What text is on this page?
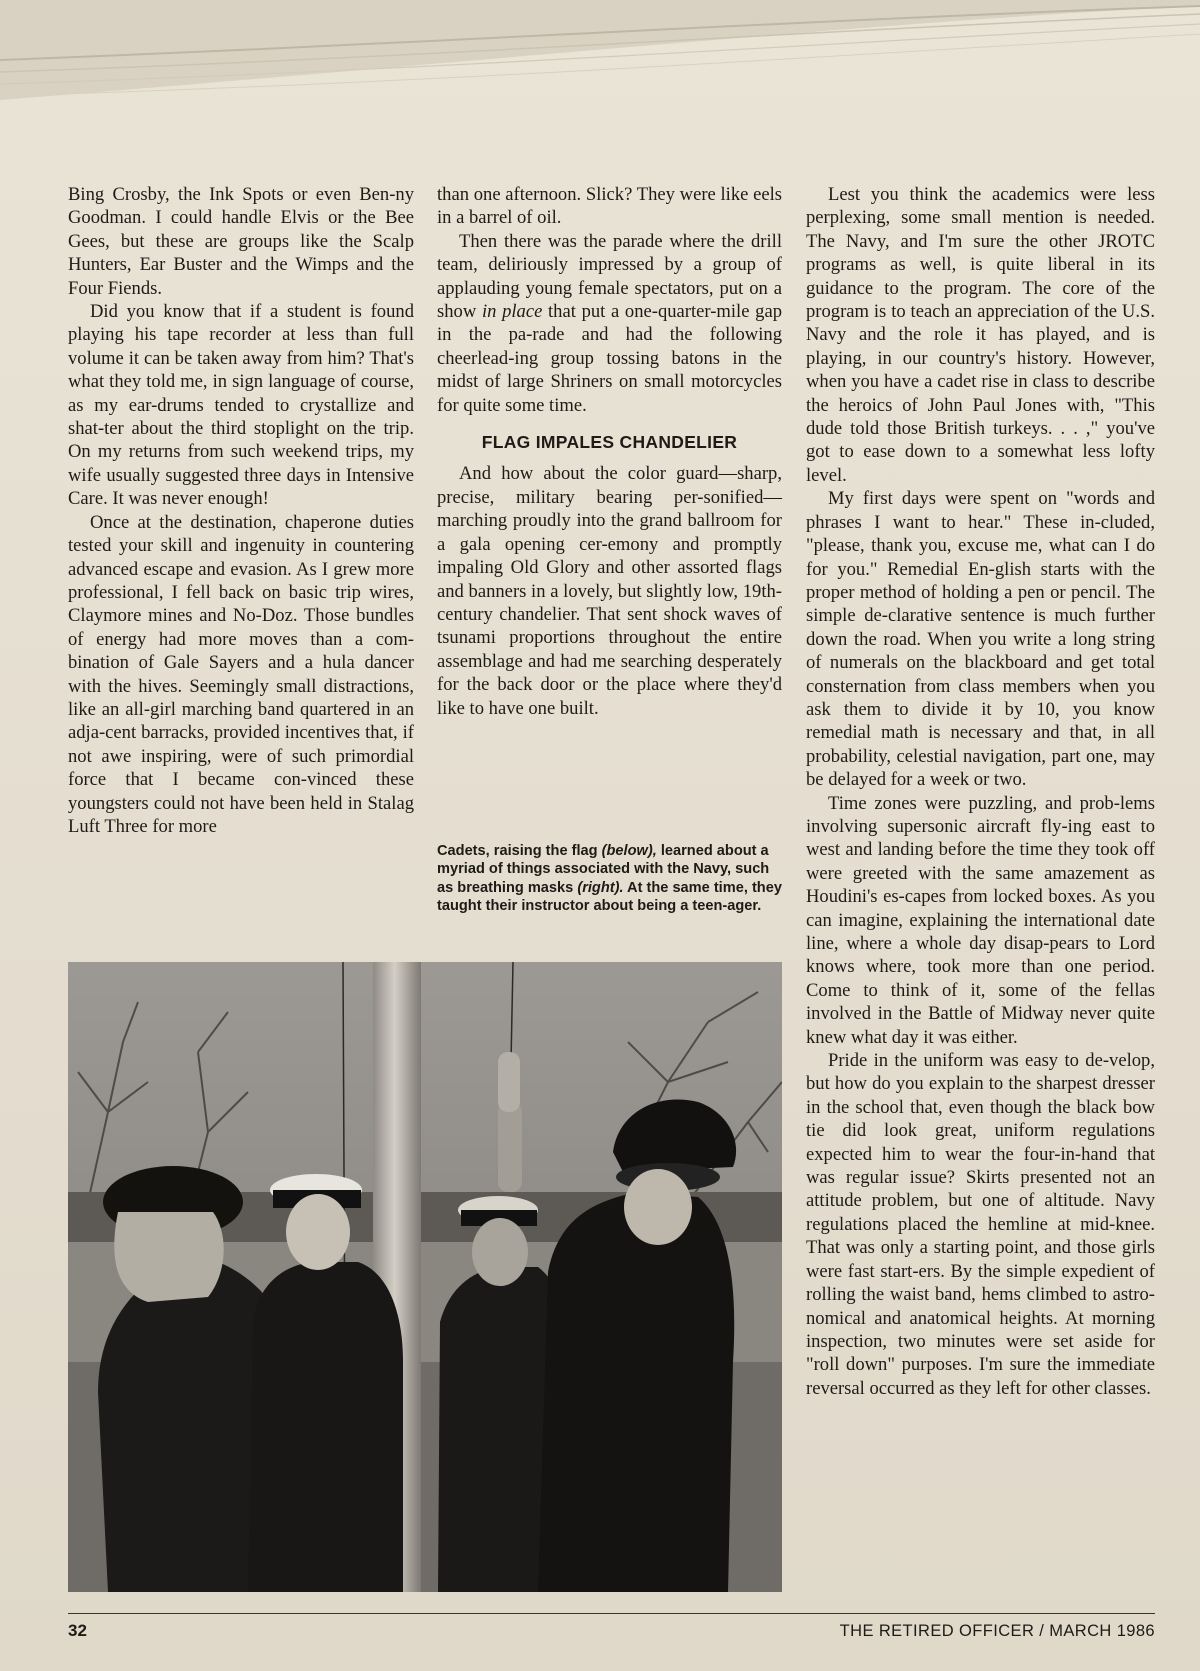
Bing Crosby, the Ink Spots or even Ben-ny Goodman. I could handle Elvis or the Bee Gees, but these are groups like the Scalp Hunters, Ear Buster and the Wimps and the Four Fiends.

Did you know that if a student is found playing his tape recorder at less than full volume it can be taken away from him? That's what they told me, in sign language of course, as my ear-drums tended to crystallize and shat-ter about the third stoplight on the trip. On my returns from such weekend trips, my wife usually suggested three days in Intensive Care. It was never enough!

Once at the destination, chaperone duties tested your skill and ingenuity in countering advanced escape and evasion. As I grew more professional, I fell back on basic trip wires, Claymore mines and No-Doz. Those bundles of energy had more moves than a com-bination of Gale Sayers and a hula dancer with the hives. Seemingly small distractions, like an all-girl marching band quartered in an adja-cent barracks, provided incentives that, if not awe inspiring, were of such primordial force that I became con-vinced these youngsters could not have been held in Stalag Luft Three for more

than one afternoon. Slick? They were like eels in a barrel of oil.

Then there was the parade where the drill team, deliriously impressed by a group of applauding young female spectators, put on a show in place that put a one-quarter-mile gap in the pa-rade and had the following cheerlead-ing group tossing batons in the midst of large Shriners on small motorcycles for quite some time.

FLAG IMPALES CHANDELIER

And how about the color guard—sharp, precise, military bearing per-sonified—marching proudly into the grand ballroom for a gala opening cer-emony and promptly impaling Old Glory and other assorted flags and banners in a lovely, but slightly low, 19th-century chandelier. That sent shock waves of tsunami proportions throughout the entire assemblage and had me searching desperately for the back door or the place where they'd like to have one built.

Cadets, raising the flag (below), learned about a myriad of things associated with the Navy, such as breathing masks (right). At the same time, they taught their instructor about being a teen-ager.

Lest you think the academics were less perplexing, some small mention is needed. The Navy, and I'm sure the other JROTC programs as well, is quite liberal in its guidance to the program. The core of the program is to teach an appreciation of the U.S. Navy and the role it has played, and is playing, in our country's history. However, when you have a cadet rise in class to describe the heroics of John Paul Jones with, "This dude told those British turkeys. . . ," you've got to ease down to a somewhat less lofty level.

My first days were spent on "words and phrases I want to hear." These in-cluded, "please, thank you, excuse me, what can I do for you." Remedial En-glish starts with the proper method of holding a pen or pencil. The simple de-clarative sentence is much further down the road. When you write a long string of numerals on the blackboard and get total consternation from class members when you ask them to divide it by 10, you know remedial math is necessary and that, in all probability, celestial navigation, part one, may be delayed for a week or two.

Time zones were puzzling, and prob-lems involving supersonic aircraft fly-ing east to west and landing before the time they took off were greeted with the same amazement as Houdini's es-capes from locked boxes. As you can imagine, explaining the international date line, where a whole day disap-pears to Lord knows where, took more than one period. Come to think of it, some of the fellas involved in the Battle of Midway never quite knew what day it was either.

Pride in the uniform was easy to de-velop, but how do you explain to the sharpest dresser in the school that, even though the black bow tie did look great, uniform regulations expected him to wear the four-in-hand that was regular issue? Skirts presented not an attitude problem, but one of altitude. Navy regulations placed the hemline at mid-knee. That was only a starting point, and those girls were fast start-ers. By the simple expedient of rolling the waist band, hems climbed to astro-nomical and anatomical heights. At morning inspection, two minutes were set aside for "roll down" purposes. I'm sure the immediate reversal occurred as they left for other classes.

32	THE RETIRED OFFICER / MARCH 1986
